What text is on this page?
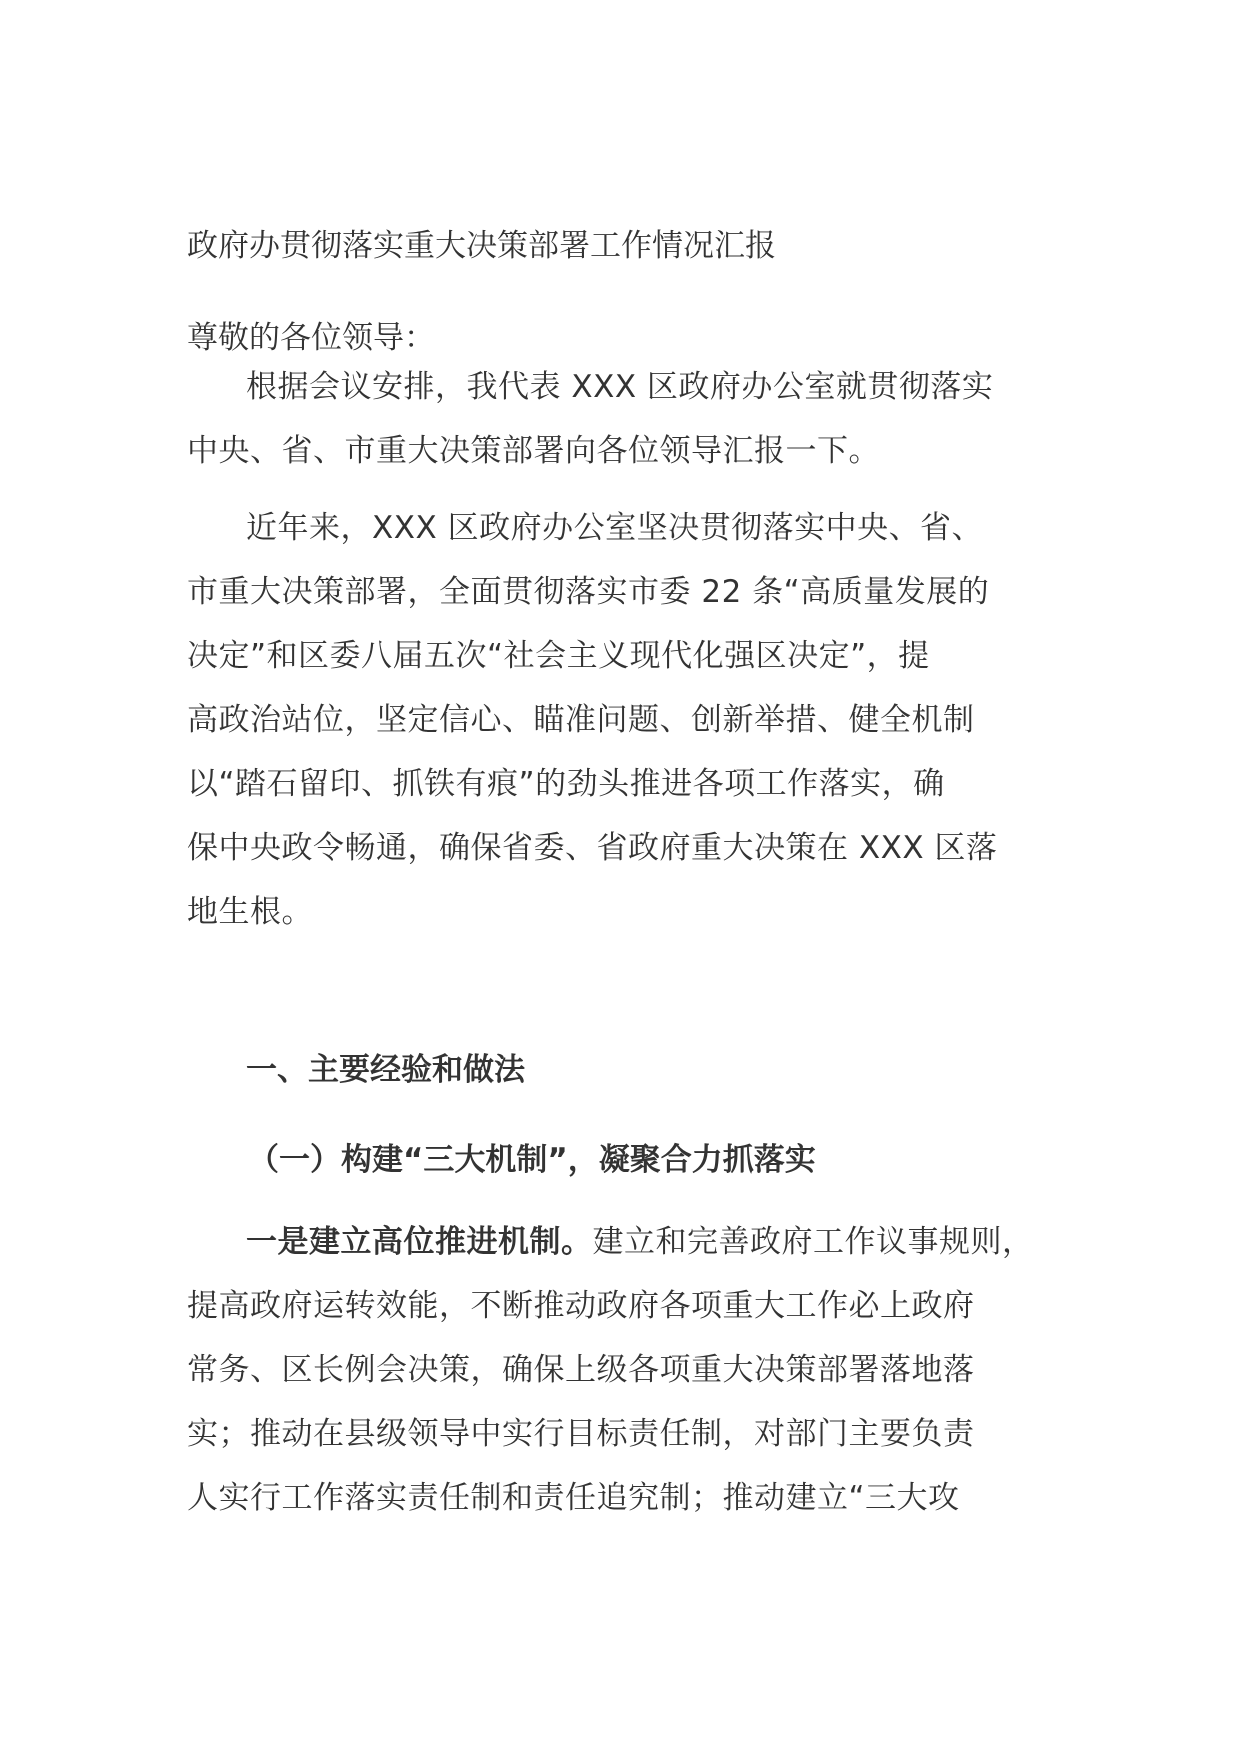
政府办贯彻落实重大决策部署工作情况汇报
尊敬的各位领导：
根据会议安排，我代表 XXX 区政府办公室就贯彻落实
中央、省、市重大决策部署向各位领导汇报一下。
近年来，XXX 区政府办公室坚决贯彻落实中央、省、
市重大决策部署，全面贯彻落实市委 22 条“高质量发展的
决定”和区委八届五次“社会主义现代化强区决定”，提
高政治站位，坚定信心、瞄准问题、创新举措、健全机制
以“踏石留印、抓铁有痕”的劲头推进各项工作落实，确
保中央政令畅通，确保省委、省政府重大决策在 XXX 区落
地生根。
一、主要经验和做法
（一）构建“三大机制”，凝聚合力抓落实
一是建立高位推进机制。建立和完善政府工作议事规则，
提高政府运转效能，不断推动政府各项重大工作必上政府
常务、区长例会决策，确保上级各项重大决策部署落地落
实；推动在县级领导中实行目标责任制，对部门主要负责
人实行工作落实责任制和责任追究制；推动建立“三大攻
